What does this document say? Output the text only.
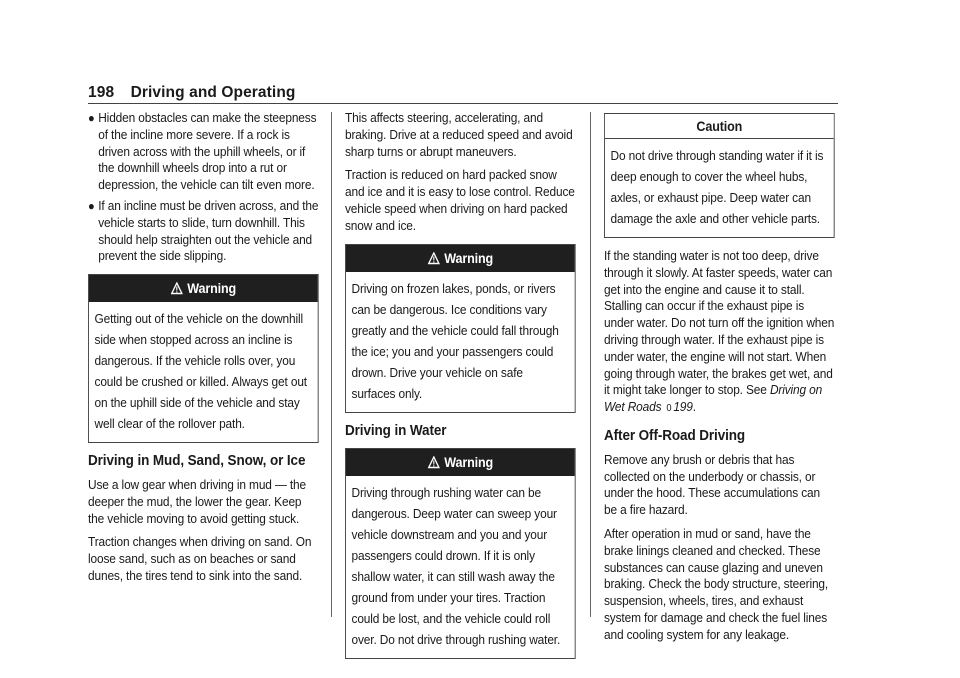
198 Driving and Operating
● Hidden obstacles can make the steepness of the incline more severe. If a rock is driven across with the uphill wheels, or if the downhill wheels drop into a rut or depression, the vehicle can tilt even more.
● If an incline must be driven across, and the vehicle starts to slide, turn downhill. This should help straighten out the vehicle and prevent the side slipping.
Warning
Getting out of the vehicle on the downhill side when stopped across an incline is dangerous. If the vehicle rolls over, you could be crushed or killed. Always get out on the uphill side of the vehicle and stay well clear of the rollover path.
Driving in Mud, Sand, Snow, or Ice

Use a low gear when driving in mud — the deeper the mud, the lower the gear. Keep the vehicle moving to avoid getting stuck.

Traction changes when driving on sand. On loose sand, such as on beaches or sand dunes, the tires tend to sink into the sand.

This affects steering, accelerating, and braking. Drive at a reduced speed and avoid sharp turns or abrupt maneuvers.

Traction is reduced on hard packed snow and ice and it is easy to lose control. Reduce vehicle speed when driving on hard packed snow and ice.

Warning
Driving on frozen lakes, ponds, or rivers can be dangerous. Ice conditions vary greatly and the vehicle could fall through the ice; you and your passengers could drown. Drive your vehicle on safe surfaces only.
Driving in Water
Warning
Driving through rushing water can be dangerous. Deep water can sweep your vehicle downstream and you and your passengers could drown. If it is only shallow water, it can still wash away the ground from under your tires. Traction could be lost, and the vehicle could roll over. Do not drive through rushing water.
Caution
Do not drive through standing water if it is deep enough to cover the wheel hubs, axles, or exhaust pipe. Deep water can damage the axle and other vehicle parts.

If the standing water is not too deep, drive through it slowly. At faster speeds, water can get into the engine and cause it to stall. Stalling can occur if the exhaust pipe is under water. Do not turn off the ignition when driving through water. If the exhaust pipe is under water, the engine will not start. When going through water, the brakes get wet, and it might take longer to stop. See Driving on Wet Roads 0 199.

After Off-Road Driving

Remove any brush or debris that has collected on the underbody or chassis, or under the hood. These accumulations can be a fire hazard.

After operation in mud or sand, have the brake linings cleaned and checked. These substances can cause glazing and uneven braking. Check the body structure, steering, suspension, wheels, tires, and exhaust system for damage and check the fuel lines and cooling system for any leakage.
